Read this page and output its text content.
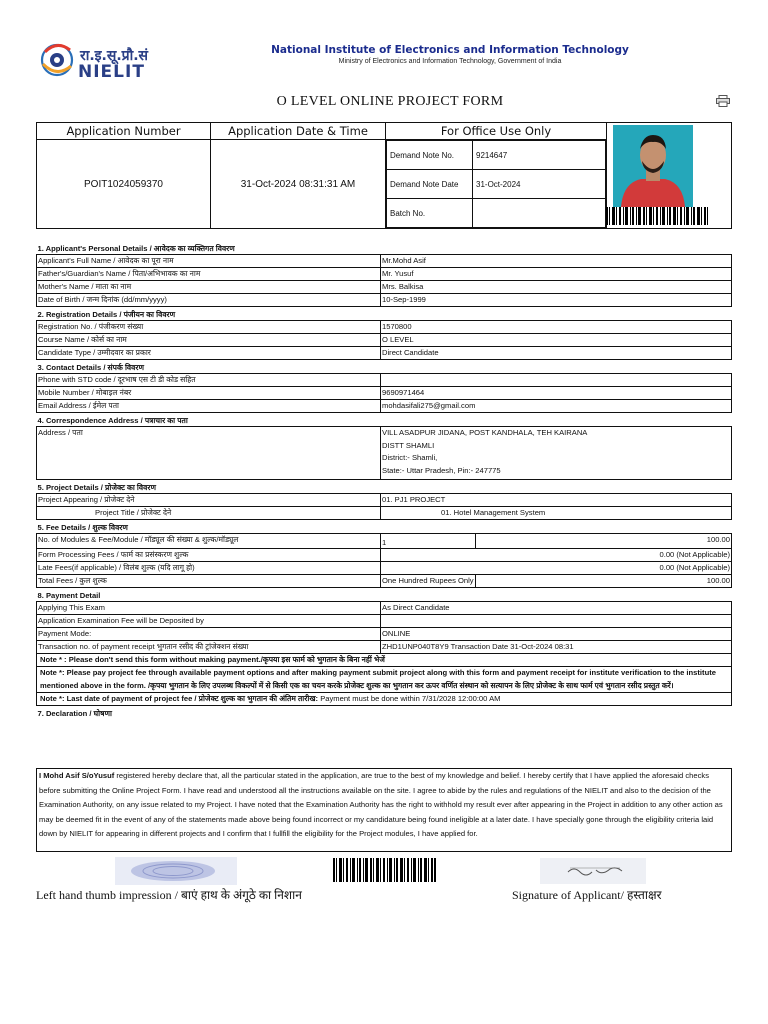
रा.इ.सू.प्रौ.सं
NIELIT
National Institute of Electronics and Information Technology
Ministry of Electronics and Information Technology, Government of India
O LEVEL ONLINE PROJECT FORM
Application Number	Application Date & Time	For Office Use Only	

POIT1024059370	31-Oct-2024 08:31:31 AM	
Demand Note No.	9214647
Demand Note Date	31-Oct-2024
Batch No.	
1. Applicant's Personal Details / आवेदक का व्यक्तिगत विवरण		
Applicant's Full Name / आवेदक का पूरा नाम	Mr.Mohd Asif	
Father's/Guardian's Name / पिता/अभिभावक का नाम	Mr. Yusuf	
Mother's Name / माता का नाम	Mrs. Balkisa	
Date of Birth / जन्म दिनांक (dd/mm/yyyy)	10-Sep-1999	
2. Registration Details / पंजीयन का विवरण		
Registration No. / पंजीकरण संख्या	1570800	
Course Name / कोर्स का नाम	O LEVEL	
Candidate Type / उम्मीदवार का प्रकार	Direct Candidate	
3. Contact Details / संपर्क विवरण		
Phone with STD code / दूरभाष एस टी डी कोड सहित		
Mobile Number / मोबाइल नंबर	9690971464	
Email Address / ईमेल पता	mohdasifali275@gmail.com	
4. Correspondence Address / पत्राचार का पता		
Address / पता	VILL ASADPUR JIDANA, POST KANDHALA, TEH KAIRANA
DISTT SHAMLI
District:- Shamli,
State:- Uttar Pradesh, Pin:- 247775	

5. Project Details / प्रोजेक्ट का विवरण		
Project Appearing / प्रोजेक्ट देने	01. PJ1 PROJECT	
Project Title / प्रोजेक्ट देने	01. Hotel Management System	
5. Fee Details / शुल्क विवरण		
No. of Modules & Fee/Module / मॉड्यूल की संख्या & शुल्क/मॉड्यूल	1	100.00
Form Processing Fees / फार्म का प्रसंस्करण शुल्क	0.00 (Not Applicable)	
Late Fees(if applicable) / विलंब शुल्क (यदि लागू हो)	0.00 (Not Applicable)	
Total Fees / कुल शुल्क	One Hundred Rupees Only	100.00
8. Payment Detail		
Applying This Exam	As Direct Candidate	
Application Examination Fee will be Deposited by		
Payment Mode:	ONLINE	
Transaction no. of payment receipt भुगतान रसीद की ट्रांजेक्शन संख्या	ZHD1UNP040T8Y9 Transaction Date 31-Oct-2024 08:31	
Note * : Please don't send this form without making payment./कृपया इस फार्म को भुगतान के बिना नहीं भेजें		
Note *: Please pay project fee through available payment options and after making payment submit project along with this form and payment receipt for institute verification to the institute mentioned above in the form. /कृपया भुगतान के लिए उपलब्ध विकल्पों में से किसी एक का चयन करके प्रोजेक्ट शुल्क का भुगतान कर ऊपर वर्णित संस्थान को सत्यापन के लिए प्रोजेक्ट के साथ फार्म एवं भुगतान रसीद प्रस्तुत करें।		
Note *: Last date of payment of project fee / प्रोजेक्ट शुल्क का भुगतान की अंतिम तारीख: Payment must be done within 7/31/2028 12:00:00 AM		
7. Declaration / घोषणा		
I Mohd Asif S/oYusuf registered hereby declare that, all the particular stated in the application, are true to the best of my knowledge and belief. I hereby certify that I have applied the aforesaid checks before submitting the Online Project Form. I have read and understood all the instructions available on the site. I agree to abide by the rules and regulations of the NIELIT and also to the decision of the Examination Authority, on any issue related to my Project. I have noted that the Examination Authority has the right to withhold my result ever after appearing in the Project in addition to any other action as may be deemed fit in the event of any of the statements made above being found incorrect or my candidature being found ineligible at a later date. I have specially gone through the eligibility criteria laid down by NIELIT for appearing in different projects and I confirm that I fullfill the eligibility for the Project modules, I have applied for.
Left hand thumb impression / बाएं हाथ के अंगूठे का निशान	Signature of Applicant/ हस्ताक्षर
